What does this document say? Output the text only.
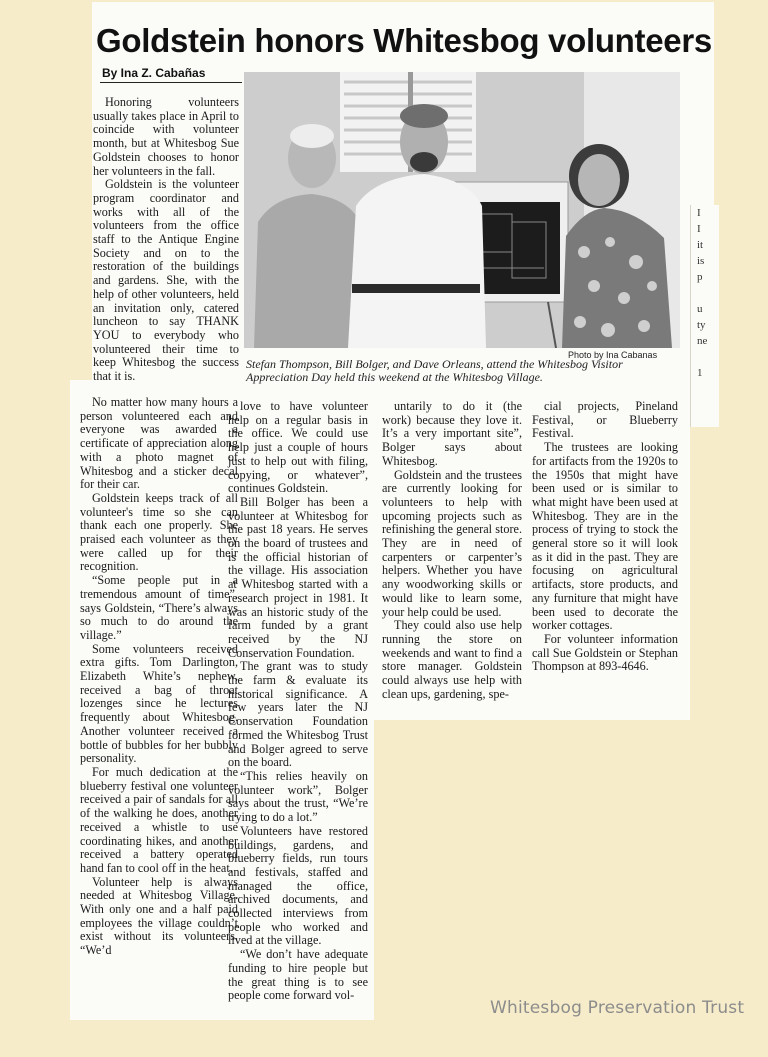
I
I
it
is
p

u
ty
ne

1
Goldstein honors Whitesbog volunteers
By Ina Z. Cabañas

Honoring volunteers usually takes place in April to coincide with volunteer month, but at Whitesbog Sue Goldstein chooses to honor her volunteers in the fall.

Goldstein is the volunteer program coordinator and works with all of the volunteers from the office staff to the Antique Engine Society and on to the restoration of the buildings and gardens. She, with the help of other volunteers, held an invitation only, catered luncheon to say THANK YOU to everybody who volunteered their time to keep Whitesbog the success that it is.

Photo by Ina Cabanas
Stefan Thompson, Bill Bolger, and Dave Orleans, attend the Whitesbog Visitor Appreciation Day held this weekend at the Whitesbog Village.

No matter how many hours a person volunteered each and everyone was awarded a certificate of appreciation along with a photo magnet of Whitesbog and a sticker decal for their car.

Goldstein keeps track of all volunteer's time so she can thank each one properly. She praised each volunteer as they were called up for their recognition.

“Some people put in a tremendous amount of time”, says Goldstein, “There’s always so much to do around the village.”

Some volunteers received extra gifts. Tom Darlington, Elizabeth White’s nephew, received a bag of throat lozenges since he lectures frequently about Whitesbog. Another volunteer received a bottle of bubbles for her bubbly personality.

For much dedication at the blueberry festival one volunteer received a pair of sandals for all of the walking he does, another received a whistle to use coordinating hikes, and another received a battery operated hand fan to cool off in the heat.

Volunteer help is always needed at Whitesbog Village. With only one and a half paid employees the village couldn’t exist without its volunteers. “We’d

love to have volunteer help on a regular basis in the office. We could use help just a couple of hours just to help out with filing, copying, or whatever”, continues Goldstein.

Bill Bolger has been a volunteer at Whitesbog for the past 18 years. He serves on the board of trustees and is the official historian of the village. His association at Whitesbog started with a research project in 1981. It was an historic study of the farm funded by a grant received by the NJ Conservation Foundation.

The grant was to study the farm & evaluate its historical significance. A few years later the NJ Conservation Foundation formed the Whitesbog Trust and Bolger agreed to serve on the board.

“This relies heavily on volunteer work”, Bolger says about the trust, “We’re trying to do a lot.”

Volunteers have restored buildings, gardens, and blueberry fields, run tours and festivals, staffed and managed the office, archived documents, and collected interviews from people who worked and lived at the village.

“We don’t have adequate funding to hire people but the great thing is to see people come forward vol-

untarily to do it (the work) because they love it. It’s a very important site”, Bolger says about Whitesbog.

Goldstein and the trustees are currently looking for volunteers to help with upcoming projects such as refinishing the general store. They are in need of carpenters or carpenter’s helpers. Whether you have any woodworking skills or would like to learn some, your help could be used.

They could also use help running the store on weekends and want to find a store manager. Goldstein could always use help with clean ups, gardening, spe-

cial projects, Pineland Festival, or Blueberry Festival.

The trustees are looking for artifacts from the 1920s to the 1950s that might have been used or is similar to what might have been used at Whitesbog. They are in the process of trying to stock the general store so it will look as it did in the past. They are focusing on agricultural artifacts, store products, and any furniture that might have been used to decorate the worker cottages.

For volunteer information call Sue Goldstein or Stephan Thompson at 893-4646.

Whitesbog Preservation Trust
